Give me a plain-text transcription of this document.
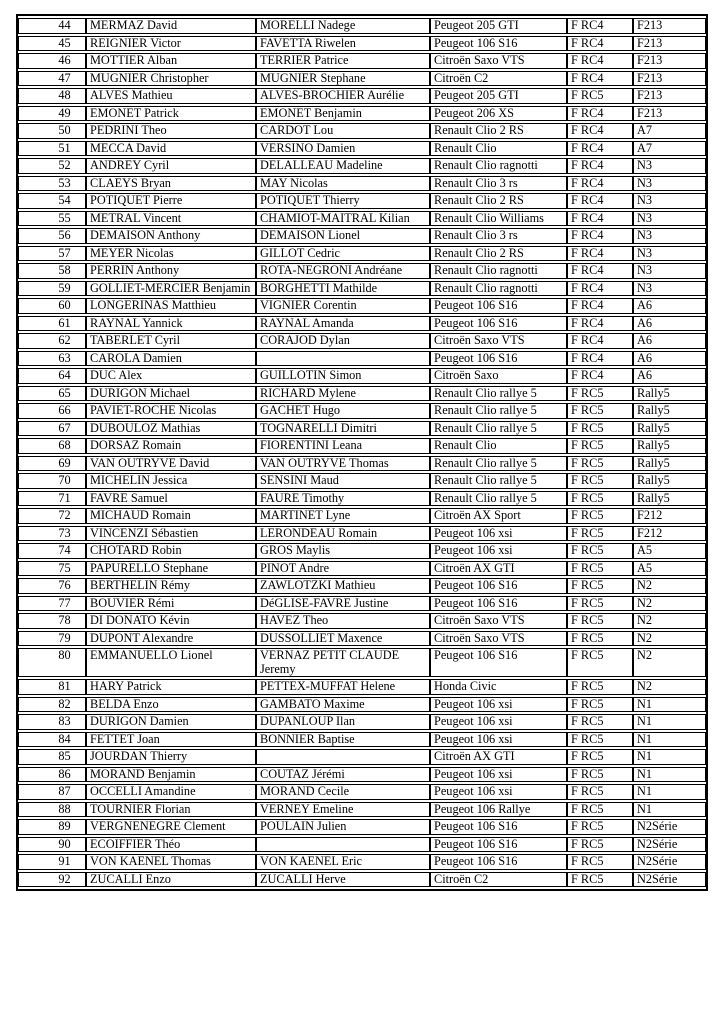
44	MERMAZ David	MORELLI Nadege	Peugeot 205 GTI	F RC4	F213
45	REIGNIER Victor	FAVETTA Riwelen	Peugeot 106 S16	F RC4	F213
46	MOTTIER Alban	TERRIER Patrice	Citroën Saxo VTS	F RC4	F213
47	MUGNIER Christopher	MUGNIER Stephane	Citroën C2	F RC4	F213
48	ALVES Mathieu	ALVES-BROCHIER Aurélie	Peugeot 205 GTI	F RC5	F213
49	EMONET Patrick	EMONET Benjamin	Peugeot 206 XS	F RC4	F213
50	PEDRINI Theo	CARDOT Lou	Renault Clio 2 RS	F RC4	A7
51	MECCA David	VERSINO Damien	Renault Clio	F RC4	A7
52	ANDREY Cyril	DELALLEAU Madeline	Renault Clio ragnotti	F RC4	N3
53	CLAEYS Bryan	MAY Nicolas	Renault Clio 3 rs	F RC4	N3
54	POTIQUET Pierre	POTIQUET Thierry	Renault Clio 2 RS	F RC4	N3
55	METRAL Vincent	CHAMIOT-MAITRAL Kilian	Renault Clio Williams	F RC4	N3
56	DEMAISON Anthony	DEMAISON Lionel	Renault Clio 3 rs	F RC4	N3
57	MEYER Nicolas	GILLOT Cedric	Renault Clio 2 RS	F RC4	N3
58	PERRIN Anthony	ROTA-NEGRONI Andréane	Renault Clio ragnotti	F RC4	N3
59	GOLLIET-MERCIER Benjamin	BORGHETTI Mathilde	Renault Clio ragnotti	F RC4	N3
60	LONGERINAS Matthieu	VIGNIER Corentin	Peugeot 106 S16	F RC4	A6
61	RAYNAL Yannick	RAYNAL Amanda	Peugeot 106 S16	F RC4	A6
62	TABERLET Cyril	CORAJOD Dylan	Citroën Saxo VTS	F RC4	A6
63	CAROLA Damien		Peugeot 106 S16	F RC4	A6
64	DUC Alex	GUILLOTIN Simon	Citroën Saxo	F RC4	A6
65	DURIGON Michael	RICHARD Mylene	Renault Clio rallye 5	F RC5	Rally5
66	PAVIET-ROCHE Nicolas	GACHET Hugo	Renault Clio rallye 5	F RC5	Rally5
67	DUBOULOZ Mathias	TOGNARELLI Dimitri	Renault Clio rallye 5	F RC5	Rally5
68	DORSAZ Romain	FIORENTINI Leana	Renault Clio	F RC5	Rally5
69	VAN OUTRYVE David	VAN OUTRYVE Thomas	Renault Clio rallye 5	F RC5	Rally5
70	MICHELIN Jessica	SENSINI Maud	Renault Clio rallye 5	F RC5	Rally5
71	FAVRE Samuel	FAURE Timothy	Renault Clio rallye 5	F RC5	Rally5
72	MICHAUD Romain	MARTINET Lyne	Citroën AX Sport	F RC5	F212
73	VINCENZI Sébastien	LERONDEAU Romain	Peugeot 106 xsi	F RC5	F212
74	CHOTARD Robin	GROS Maylis	Peugeot 106 xsi	F RC5	A5
75	PAPURELLO Stephane	PINOT Andre	Citroën AX GTI	F RC5	A5
76	BERTHELIN Rémy	ZAWLOTZKI Mathieu	Peugeot 106 S16	F RC5	N2
77	BOUVIER Rémi	DéGLISE-FAVRE Justine	Peugeot 106 S16	F RC5	N2
78	DI DONATO Kévin	HAVEZ Theo	Citroën Saxo VTS	F RC5	N2
79	DUPONT Alexandre	DUSSOLLIET Maxence	Citroën Saxo VTS	F RC5	N2
80	EMMANUELLO Lionel	VERNAZ PETIT CLAUDE Jeremy	Peugeot 106 S16	F RC5	N2
81	HARY Patrick	PETTEX-MUFFAT Helene	Honda Civic	F RC5	N2
82	BELDA Enzo	GAMBATO Maxime	Peugeot 106 xsi	F RC5	N1
83	DURIGON Damien	DUPANLOUP Ilan	Peugeot 106 xsi	F RC5	N1
84	FETTET Joan	BONNIER Baptise	Peugeot 106 xsi	F RC5	N1
85	JOURDAN Thierry		Citroën AX GTI	F RC5	N1
86	MORAND Benjamin	COUTAZ Jérémi	Peugeot 106 xsi	F RC5	N1
87	OCCELLI Amandine	MORAND Cecile	Peugeot 106 xsi	F RC5	N1
88	TOURNIER Florian	VERNEY Emeline	Peugeot 106 Rallye	F RC5	N1
89	VERGNENEGRE Clement	POULAIN Julien	Peugeot 106 S16	F RC5	N2Série
90	ECOIFFIER Théo		Peugeot 106 S16	F RC5	N2Série
91	VON KAENEL Thomas	VON KAENEL Eric	Peugeot 106 S16	F RC5	N2Série
92	ZUCALLI Enzo	ZUCALLI Herve	Citroën C2	F RC5	N2Série
